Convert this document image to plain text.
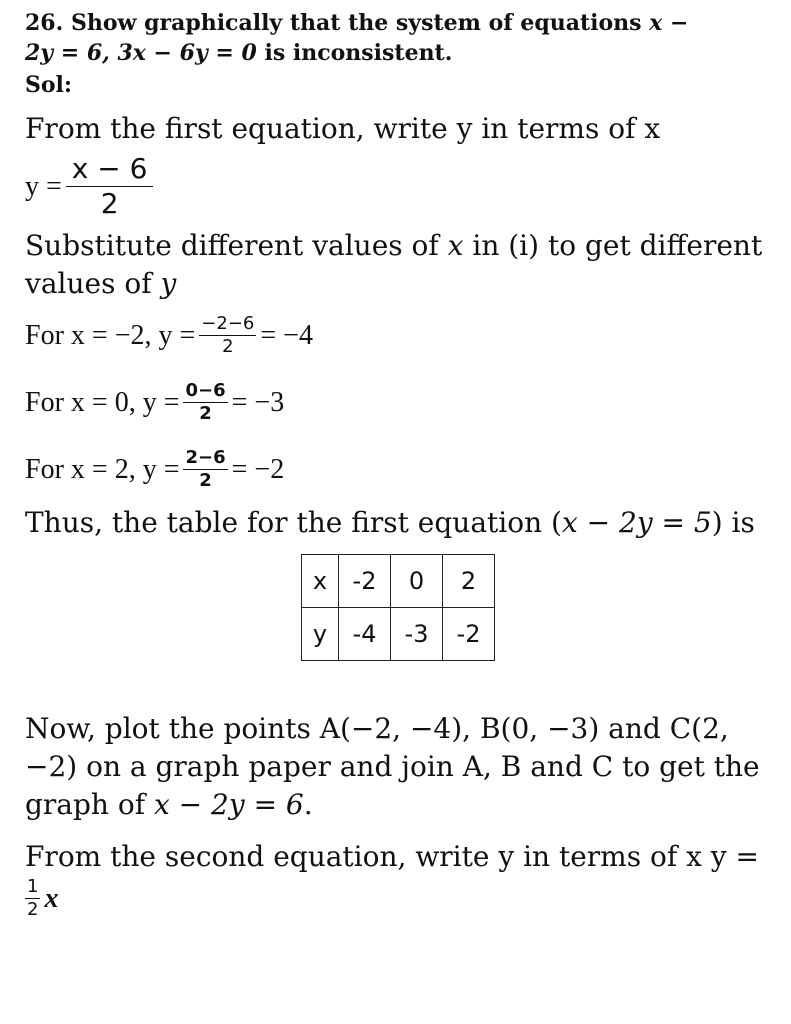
26. Show graphically that the system of equations x −
2y = 6, 3x − 6y = 0 is inconsistent.

Sol:

From the first equation, write y in terms of x

$y = \frac{x - 6}{2}$

Substitute different values of x in (i) to get different values of y

For x = −2, $y = \frac{-2-6}{2} = -4$
For x = 0, $y = \frac{0-6}{2} = -3$
For x = 2, $y = \frac{2-6}{2} = -2$

Thus, the table for the first equation (x − 2y = 5) is

x	-2	0	2
y	-4	-3	-2

Now, plot the points A(−2, −4), B(0, −3) and C(2, −2) on a graph paper and join A, B and C to get the graph of x − 2y = 6.

From the second equation, write y in terms of x y =

$\frac{1}{2}$ x
